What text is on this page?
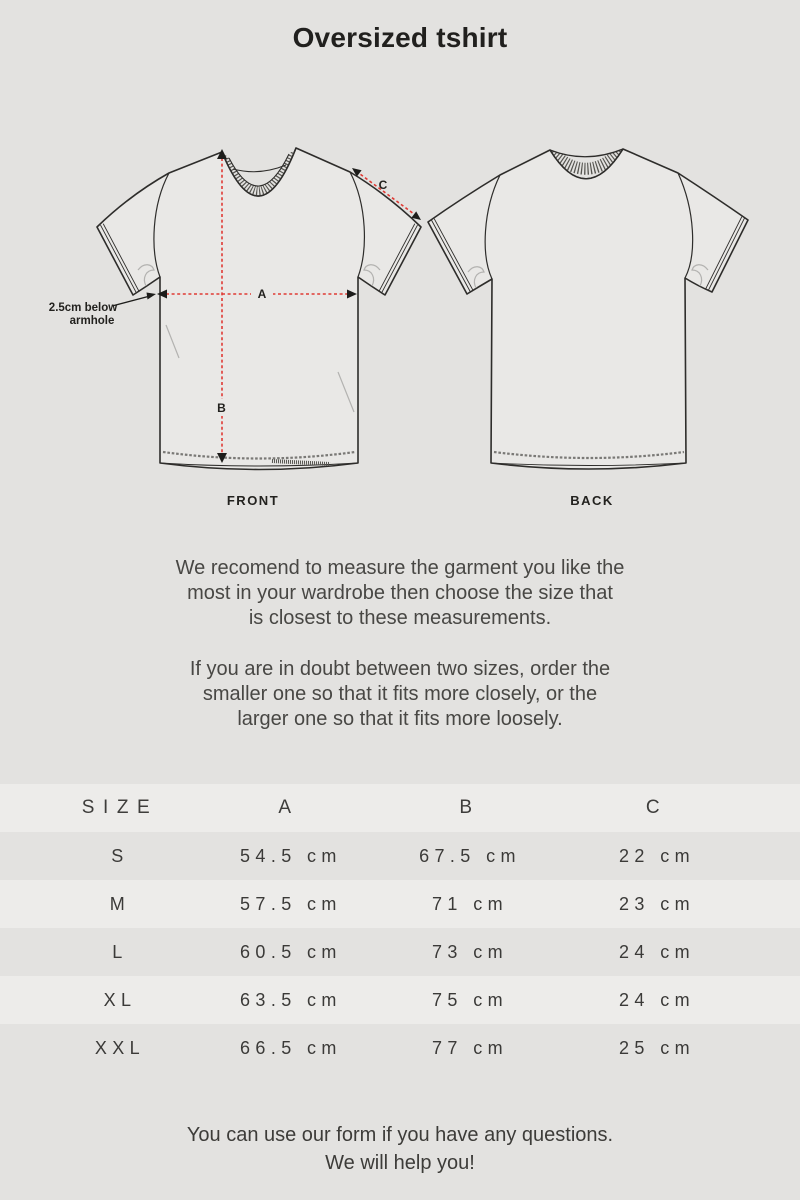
Oversized tshirt
A
B
C
2.5cm below
armhole
FRONT	BACK
We recomend to measure the garment you like the
most in your wardrobe then choose the size that
is closest to these measurements.
If you are in doubt between two sizes, order the
smaller one so that it fits more closely, or the
larger one so that it fits more loosely.
SIZE	A	B	C
S	54.5 cm	67.5 cm	22 cm
M	57.5 cm	71 cm	23 cm
L	60.5 cm	73 cm	24 cm
XL	63.5 cm	75 cm	24 cm
XXL	66.5 cm	77 cm	25 cm
You can use our form if you have any questions.
We will help you!
